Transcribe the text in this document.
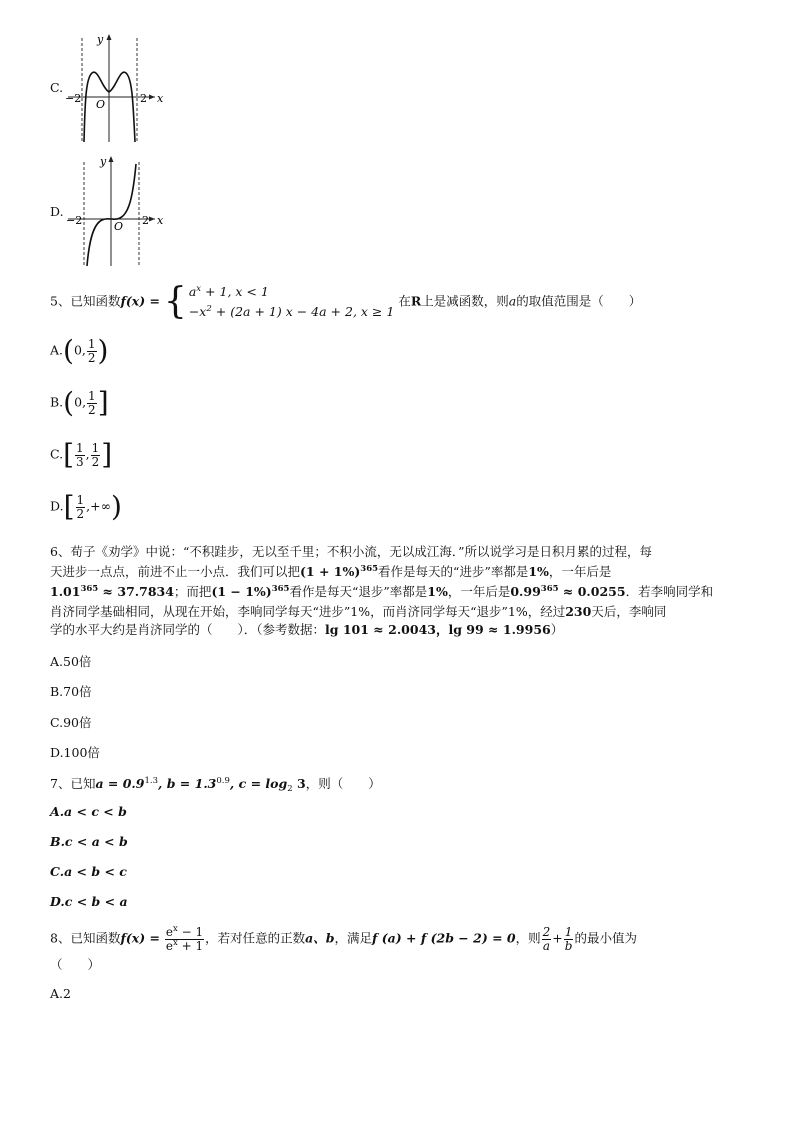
C.
y
x
O
−2	2
D.
y
x
O
−2	2
5、已知函数f(x) = { $a^x + 1$, x < 1
$-x^2 + (2a + 1) x - 4a + 2$, x ≥ 1
在R上是减函数，则a的取值范围是（　　）
A.(0, $\frac{1}{2}$ )
B.(0, $\frac{1}{2}$ ]
$C.[ \frac{1}{3}$ , $\frac{1}{2}$ ]
$D.[ \frac{1}{2}$ ,+∞)
6、荀子《劝学》中说：“不积跬步，无以至千里；不积小流，无以成江海．”所以说学习是日积月累的过程，每
天进步一点点，前进不止一小点．我们可以把$(1 + 1\%)^{365}$看作是每天的“进步”率都是1%，一年后是
$1.01^{365} \approx 37.7834$；而把$(1 - 1\%)^{365}$看作是每天“退步”率都是1%，一年后是$0.99^{365} \approx 0.0255$．若李响同学和
肖济同学基础相同，从现在开始，李响同学每天“进步”1%，而肖济同学每天“退步”1%，经过230天后，李响同
学的水平大约是肖济同学的（　　）．（参考数据：lg 101 ≈ 2.0043，lg 99 ≈ 1.9956）
A.50倍
B.70倍
C.90倍
D.100倍
7、已知$a = 0.9^{1.3}$, $b = 1.3^{0.9}$, $c = \log_2 3$，则（　　）
A.a < c < b
B.c < a < b
C.a < b < c
D.c < b < a
8、已知函数$f(x) = \frac{e^x - 1}{e^x + 1}$ ，若对任意的正数a、b，满足f (a) + f (2b − 2) = 0，则 $\frac{2}{a} + \frac{1}{b}$ 的最小值为
（　　）
A.2
